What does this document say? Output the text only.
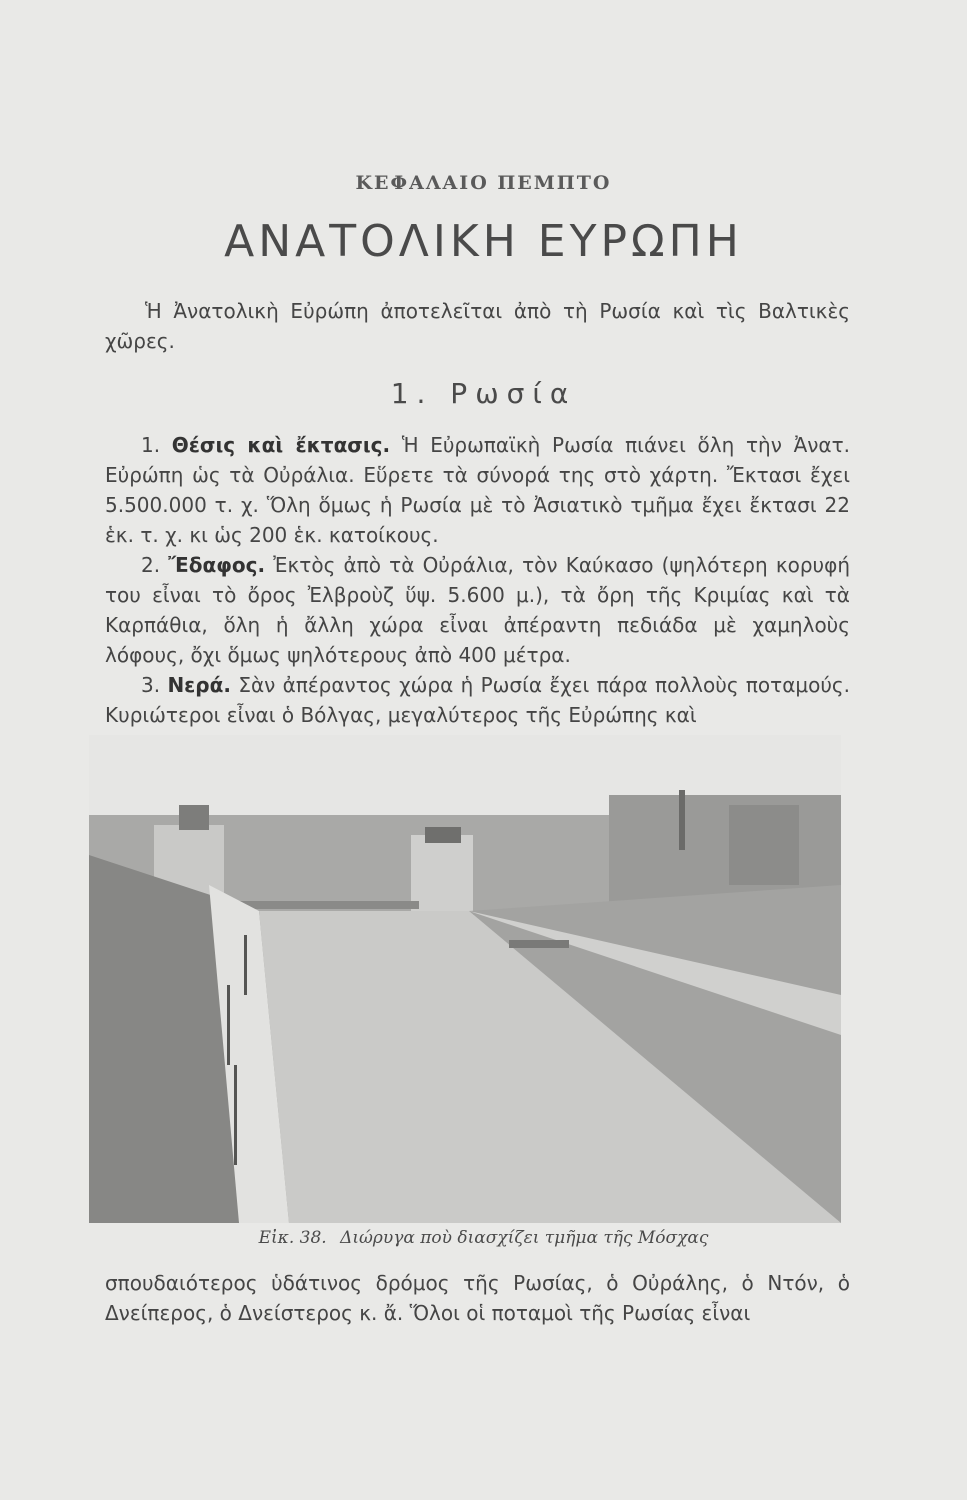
ΚΕΦΑΛΑΙΟ ΠΕΜΠΤΟ
ΑΝΑΤΟΛΙΚΗ ΕΥΡΩΠΗ
Ἡ Ἀνατολικὴ Εὐρώπη ἀποτελεῖται ἀπὸ τὴ Ρωσία καὶ τὶς Βαλτικὲς χῶρες.
1. Ρωσία

1. Θέσις καὶ ἔκτασις. Ἡ Εὐρωπαϊκὴ Ρωσία πιάνει ὅλη τὴν Ἀνατ. Εὐρώπη ὡς τὰ Οὐράλια. Εὕρετε τὰ σύνορά της στὸ χάρτη. Ἔκτασι ἔχει 5.500.000 τ. χ. Ὅλη ὅμως ἡ Ρωσία μὲ τὸ Ἀσιατικὸ τμῆμα ἔχει ἔκτασι 22 ἑκ. τ. χ. κι ὡς 200 ἑκ. κατοίκους.

2. Ἔδαφος. Ἐκτὸς ἀπὸ τὰ Οὐράλια, τὸν Καύκασο (ψηλότερη κορυφή του εἶναι τὸ ὄρος Ἐλβροὺζ ὕψ. 5.600 μ.), τὰ ὄρη τῆς Κριμίας καὶ τὰ Καρπάθια, ὅλη ἡ ἄλλη χώρα εἶναι ἀπέραντη πεδιάδα μὲ χαμηλοὺς λόφους, ὄχι ὅμως ψηλότερους ἀπὸ 400 μέτρα.

3. Νερά. Σὰν ἀπέραντος χώρα ἡ Ρωσία ἔχει πάρα πολλοὺς ποταμούς. Κυριώτεροι εἶναι ὁ Βόλγας, μεγαλύτερος τῆς Εὐρώπης καὶ

Εἰκ. 38. Διώρυγα ποὺ διασχίζει τμῆμα τῆς Μόσχας

σπουδαιότερος ὑδάτινος δρόμος τῆς Ρωσίας, ὁ Οὐράλης, ὁ Ντόν, ὁ Δνείπερος, ὁ Δνείστερος κ. ἄ. Ὅλοι οἱ ποταμοὶ τῆς Ρωσίας εἶναι
